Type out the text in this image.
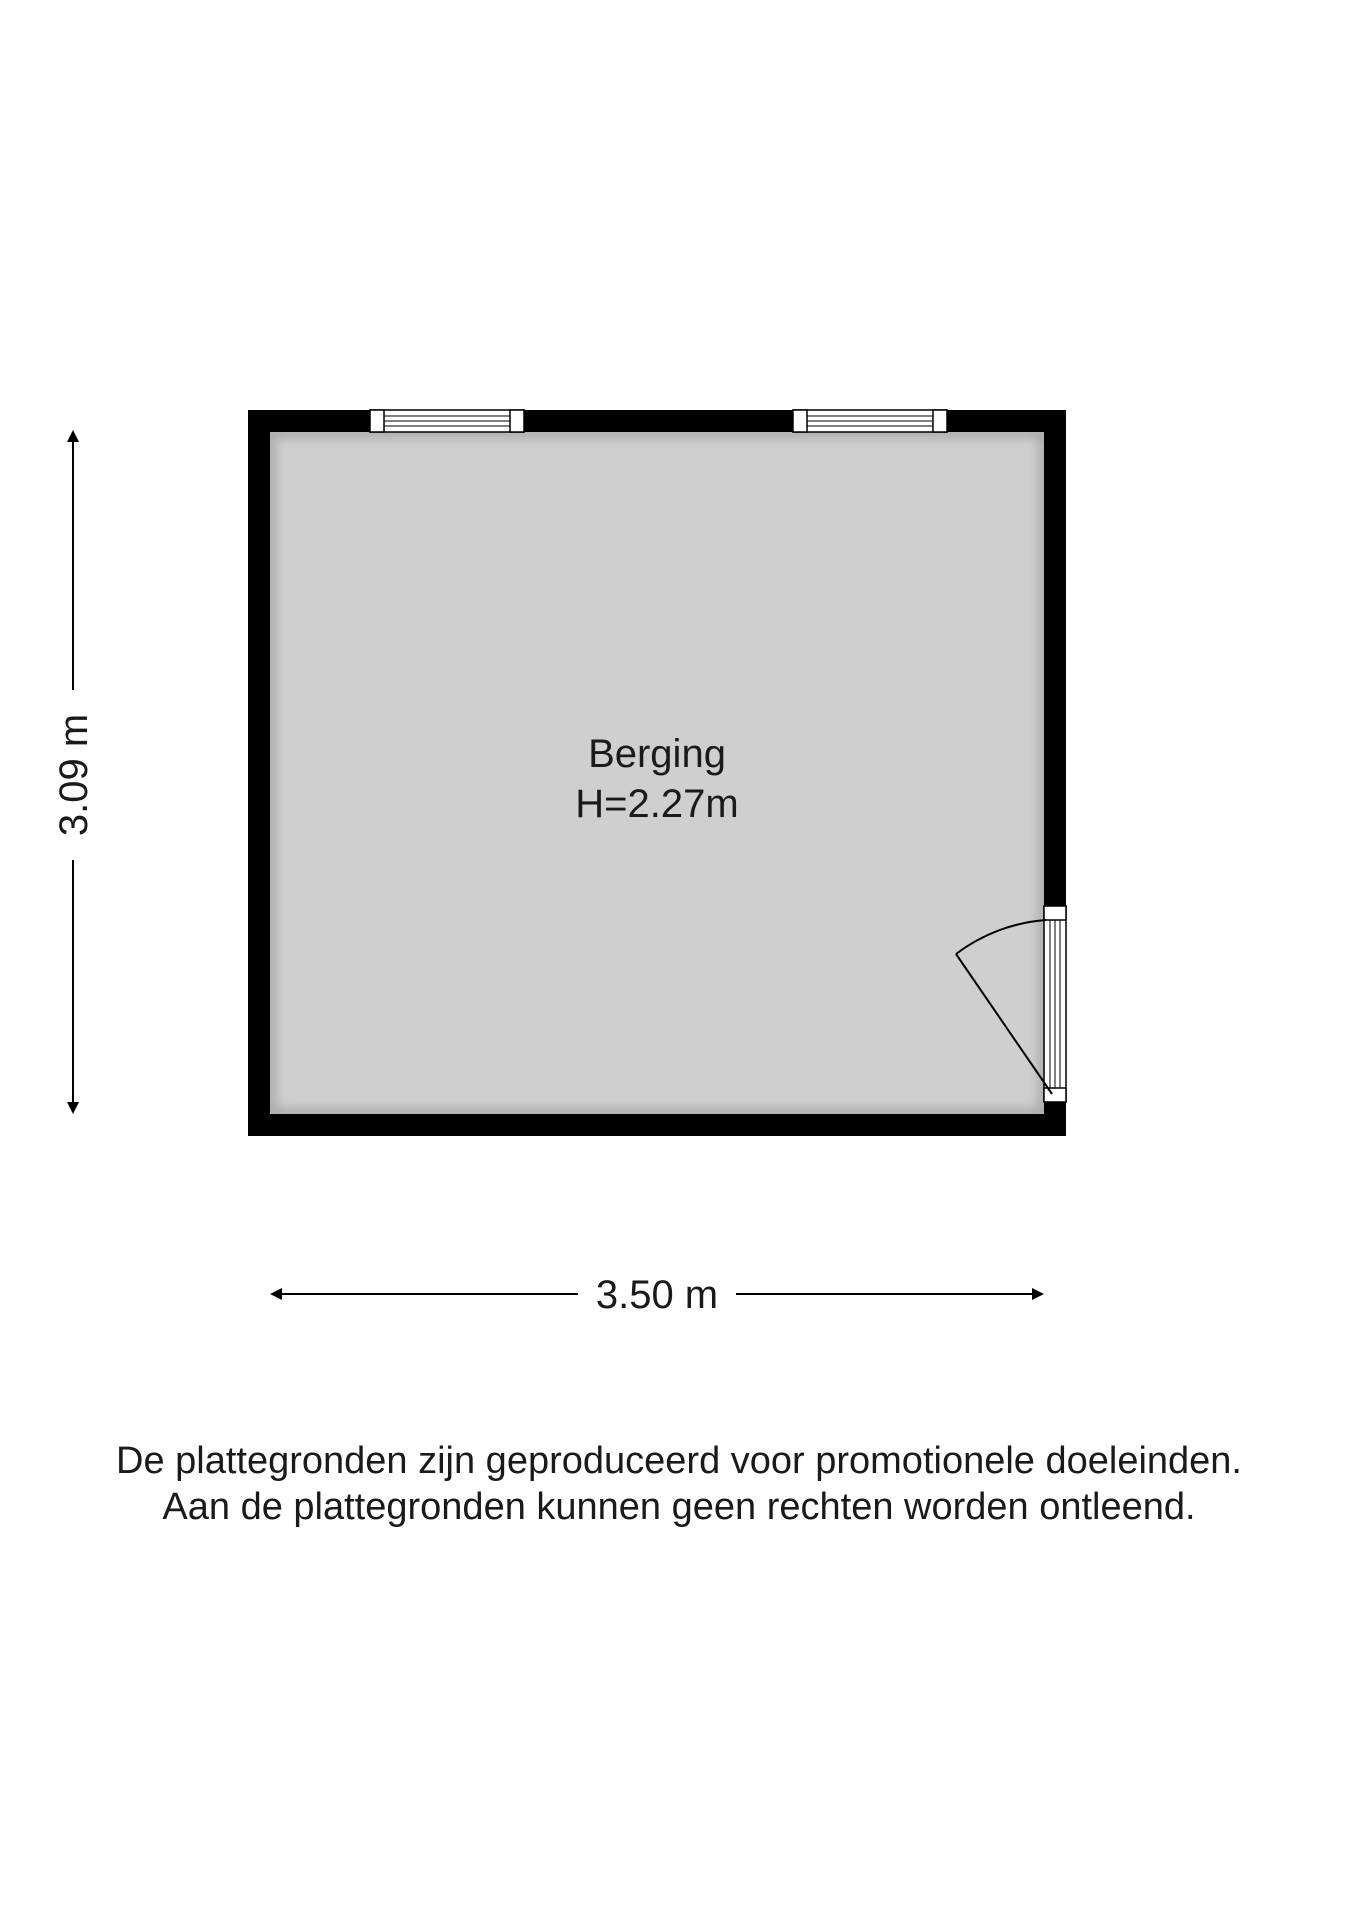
Berging
H=2.27m
3.09 m
3.50 m
De plattegronden zijn geproduceerd voor promotionele doeleinden.
Aan de plattegronden kunnen geen rechten worden ontleend.
